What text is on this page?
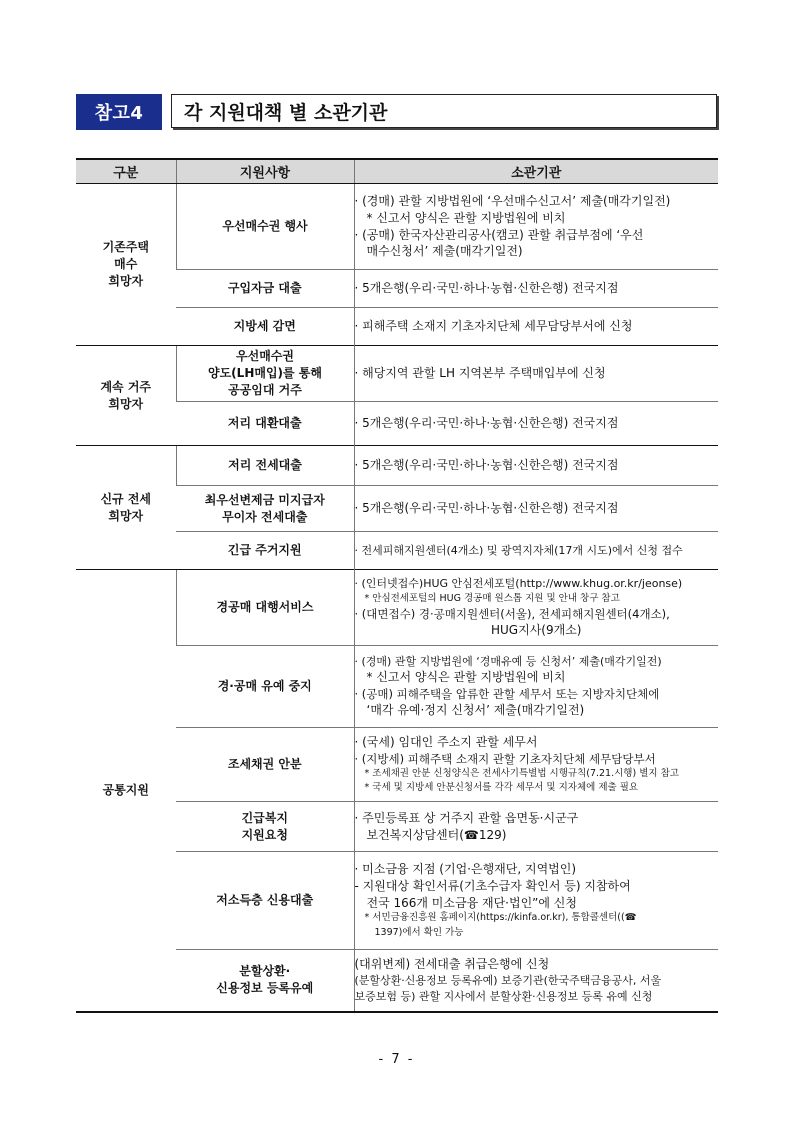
참고4	각 지원대책 별 소관기관
구분	지원사항	소관기관
기존주택
매수
희망자	우선매수권 행사	· (경매) 관할 지방법원에 ‘우선매수신고서’ 제출(매각기일전)
* 신고서 양식은 관할 지방법원에 비치
· (공매) 한국자산관리공사(캠코) 관할 취급부점에 ‘우선
매수신청서’ 제출(매각기일전)

	구입자금 대출	· 5개은행(우리·국민·하나·농협·신한은행) 전국지점

	지방세 감면	· 피해주택 소재지 기초자치단체 세무담당부서에 신청

계속 거주
희망자	우선매수권
양도(LH매입)를 통해
공공임대 거주	· 해당지역 관할 LH 지역본부 주택매입부에 신청

	저리 대환대출	· 5개은행(우리·국민·하나·농협·신한은행) 전국지점

신규 전세
희망자	저리 전세대출	· 5개은행(우리·국민·하나·농협·신한은행) 전국지점

	최우선변제금 미지급자
무이자 전세대출	· 5개은행(우리·국민·하나·농협·신한은행) 전국지점

	긴급 주거지원	· 전세피해지원센터(4개소) 및 광역지자체(17개 시도)에서 신청 접수

공통지원	경공매 대행서비스	· (인터넷접수)HUG 안심전세포털(http://www.khug.or.kr/jeonse)
* 안심전세포털의 HUG 경공매 원스톱 지원 및 안내 창구 참고
· (대면접수) 경·공매지원센터(서울), 전세피해지원센터(4개소),
HUG지사(9개소)

	경·공매 유예 중지	· (경매) 관할 지방법원에 ‘경매유예 등 신청서’ 제출(매각기일전)
* 신고서 양식은 관할 지방법원에 비치
· (공매) 피해주택을 압류한 관할 세무서 또는 지방자치단체에
‘매각 유예·정지 신청서’ 제출(매각기일전)

	조세채권 안분	· (국세) 임대인 주소지 관할 세무서
· (지방세) 피해주택 소재지 관할 기초자치단체 세무담당부서
* 조세채권 안분 신청양식은 전세사기특별법 시행규칙(7.21.시행) 별지 참고
* 국세 및 지방세 안분신청서를 각각 세무서 및 지자체에 제출 필요

	긴급복지
지원요청	· 주민등록표 상 거주지 관할 읍면동·시군구
보건복지상담센터(☎129)

	저소득층 신용대출	· 미소금융 지점 (기업·은행재단, 지역법인)
- 지원대상 확인서류(기초수급자 확인서 등) 지참하여
전국 166개 미소금융 재단·법인”에 신청
* 서민금융진흥원 홈페이지(https://kinfa.or.kr), 통합콜센터((☎
1397)에서 확인 가능

	분할상환·
신용정보 등록유예	(대위변제) 전세대출 취급은행에 신청
(분할상환·신용정보 등록유예) 보증기관(한국주택금융공사, 서울
보증보험 등) 관할 지사에서 분할상환·신용정보 등록 유예 신청
- 7 -
